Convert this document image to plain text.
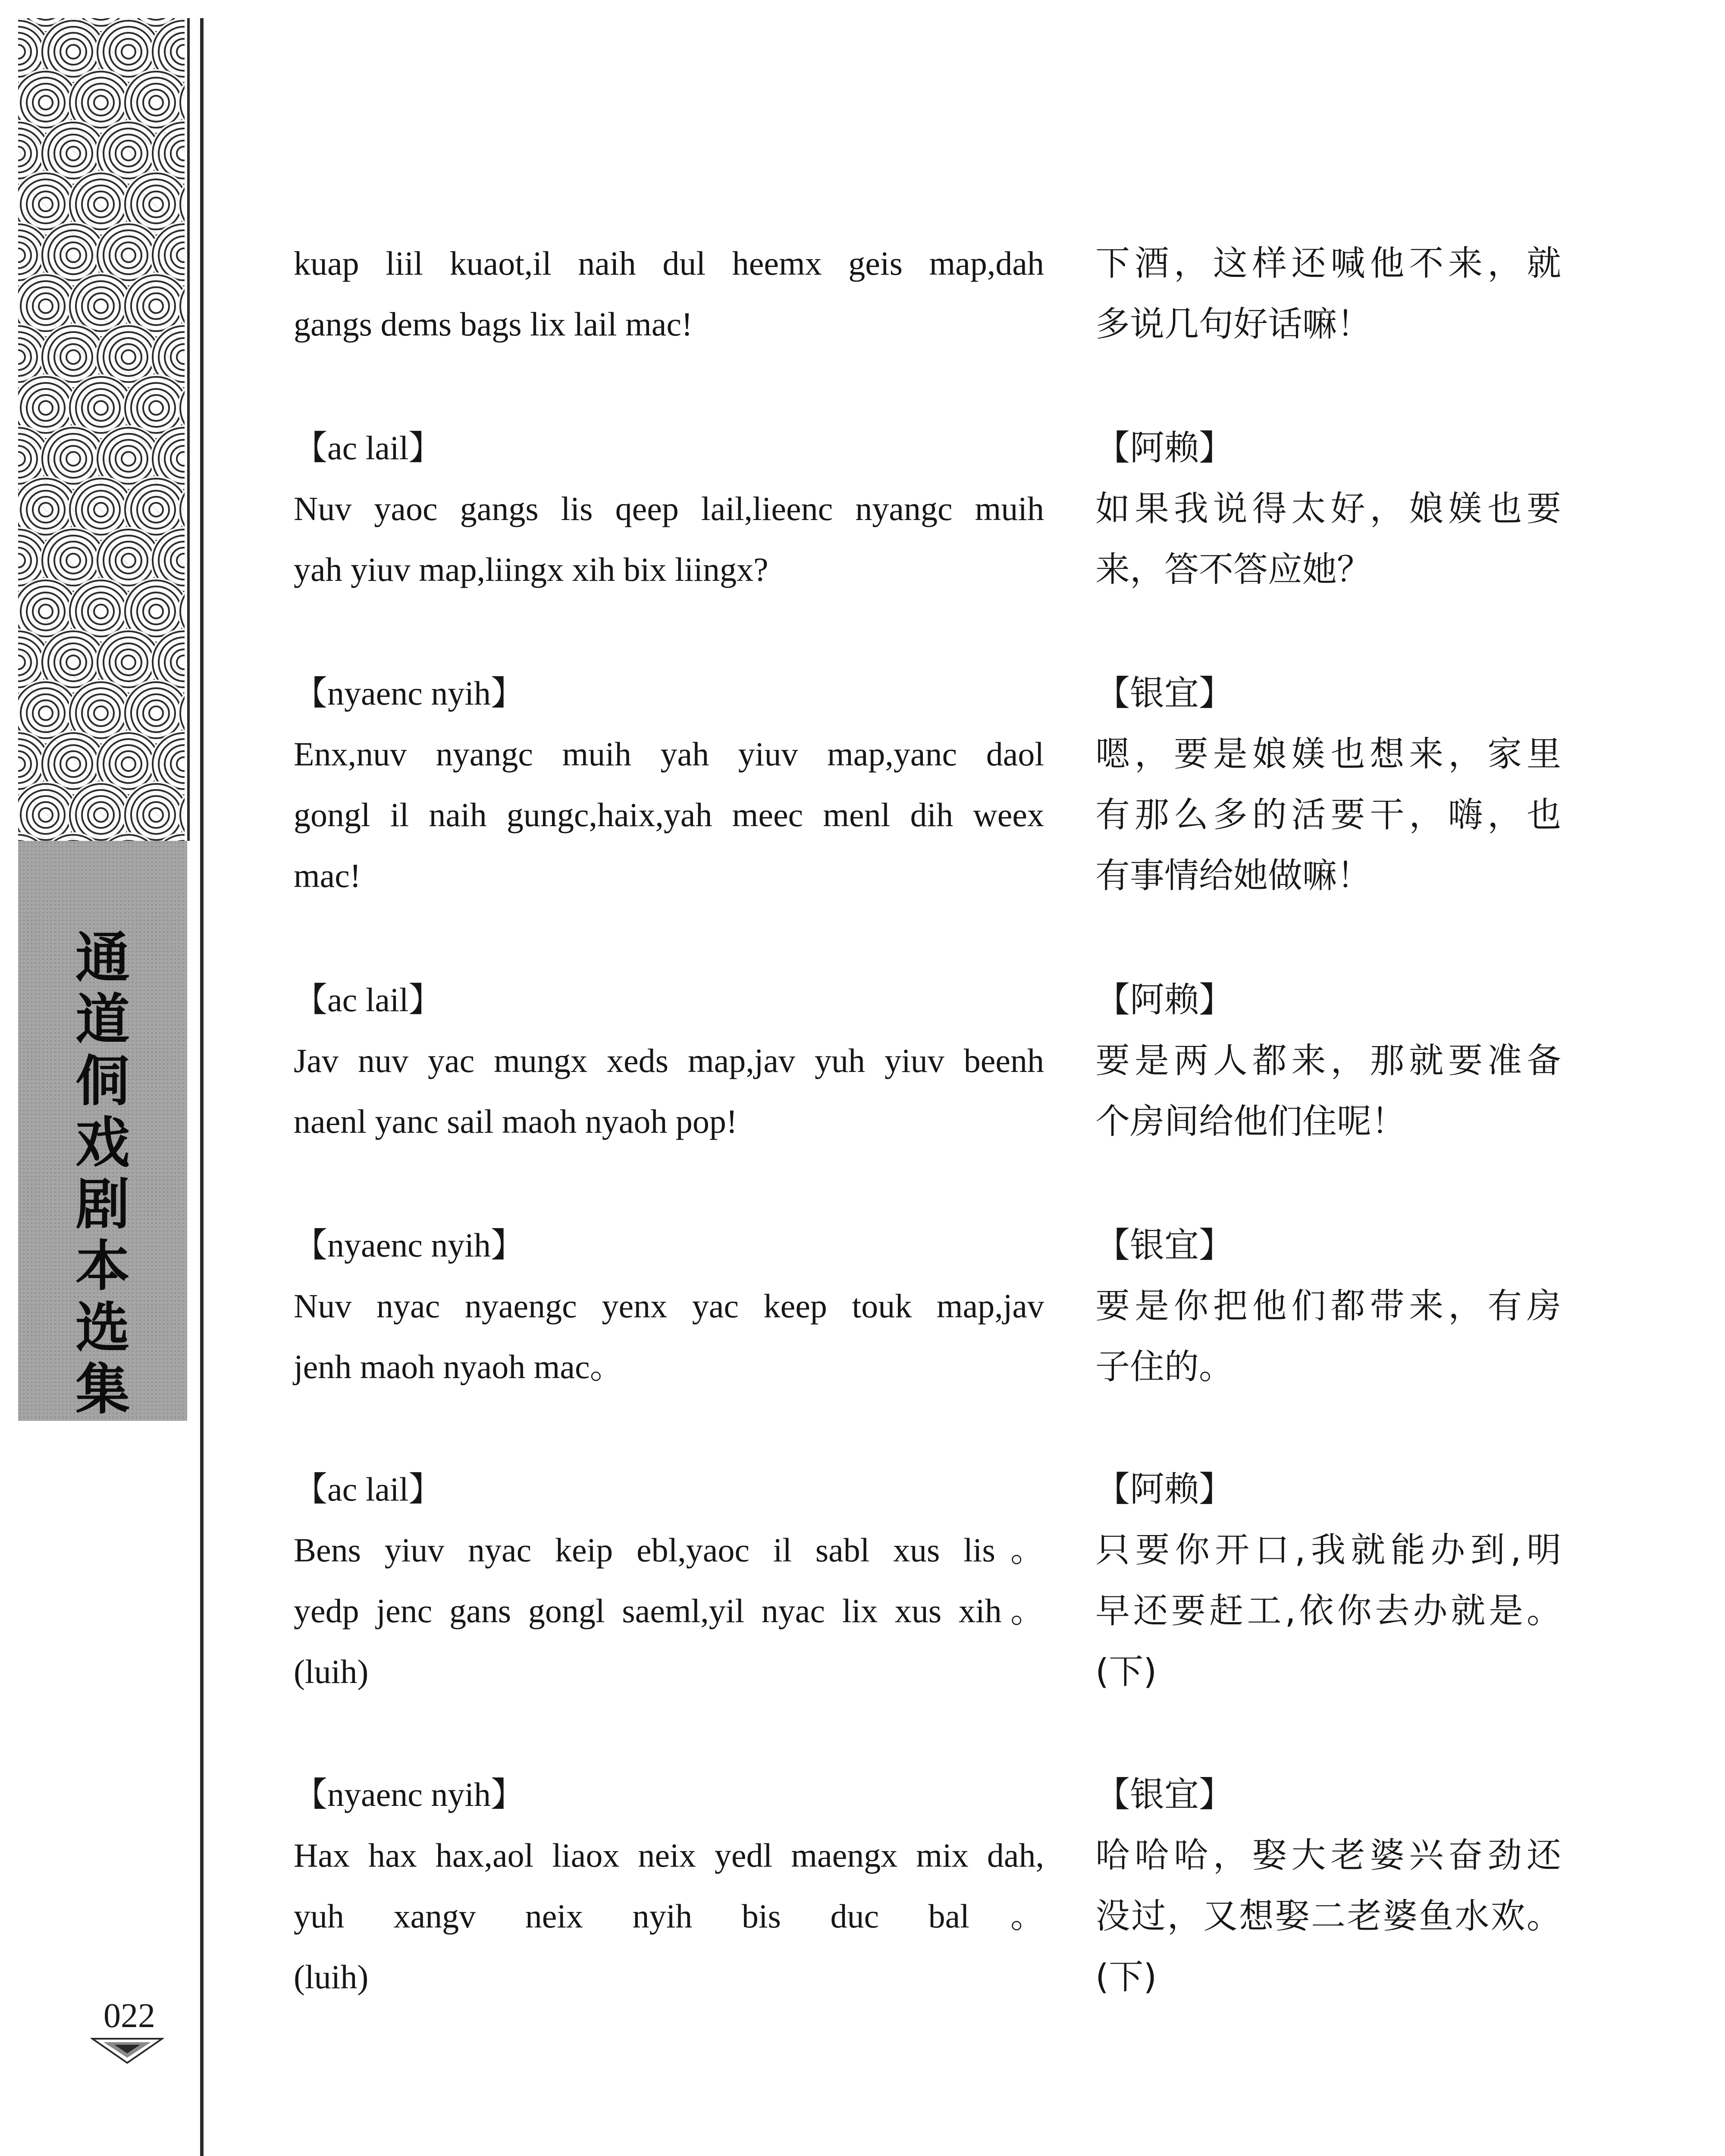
通
道
侗
戏
剧
本
选
集
022
kuap liil kuaot,il naih dul heemx geis map,dah
gangs dems bags lix lail mac!
下酒，这样还喊他不来，就
多说几句好话嘛！
【ac lail】
Nuv yaoc gangs lis qeep lail,lieenc nyangc muih
yah yiuv map,liingx xih bix liingx?
【阿赖】
如果我说得太好，娘媄也要
来，答不答应她？
【nyaenc nyih】
Enx,nuv nyangc muih yah yiuv map,yanc daol
gongl il naih gungc,haix,yah meec menl dih weex
mac!
【银宜】
嗯，要是娘媄也想来，家里
有那么多的活要干，嗨，也
有事情给她做嘛！
【ac lail】
Jav nuv yac mungx xeds map,jav yuh yiuv beenh
naenl yanc sail maoh nyaoh pop!
【阿赖】
要是两人都来，那就要准备
个房间给他们住呢！
【nyaenc nyih】
Nuv nyac nyaengc yenx yac keep touk map,jav
jenh maoh nyaoh mac。
【银宜】
要是你把他们都带来，有房
子住的。
【ac lail】
Bens yiuv nyac keip ebl,yaoc il sabl xus lis。
yedp jenc gans gongl saeml,yil nyac lix xus xih。
(luih)
【阿赖】
只要你开口,我就能办到,明
早还要赶工,依你去办就是。
(下)
【nyaenc nyih】
Hax hax hax,aol liaox neix yedl maengx mix dah,
yuh xangv neix nyih bis duc bal。
(luih)
【银宜】
哈哈哈，娶大老婆兴奋劲还
没过，又想娶二老婆鱼水欢。
(下)
